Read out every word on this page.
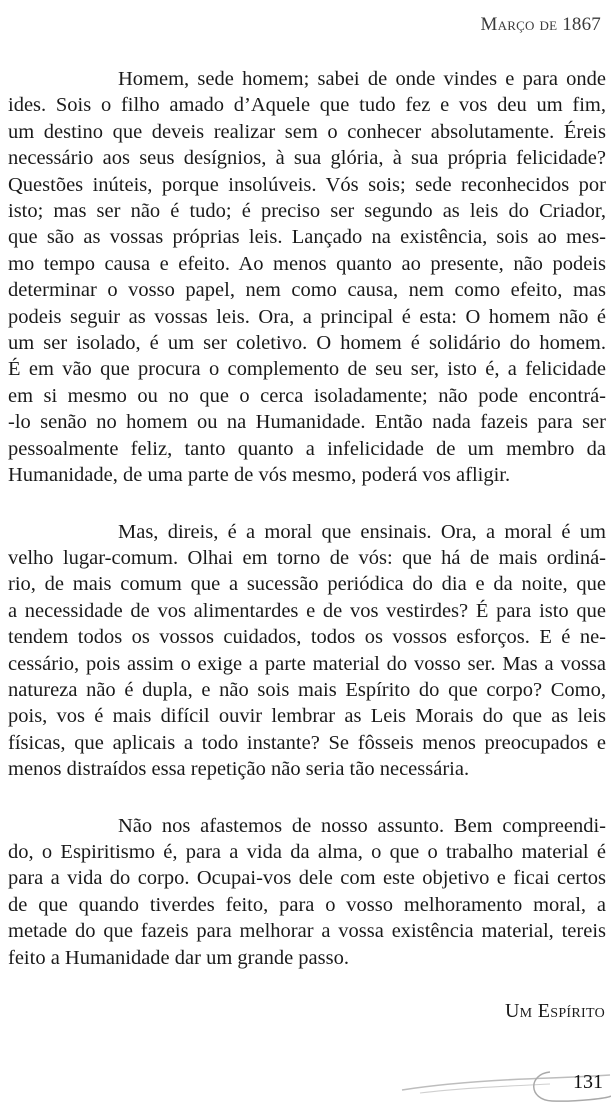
Março de 1867

Homem, sede homem; sabei de onde vindes e para onde
ides. Sois o filho amado d’Aquele que tudo fez e vos deu um fim,
um destino que deveis realizar sem o conhecer absolutamente. Éreis
necessário aos seus desígnios, à sua glória, à sua própria felicidade?
Questões inúteis, porque insolúveis. Vós sois; sede reconhecidos por
isto; mas ser não é tudo; é preciso ser segundo as leis do Criador,
que são as vossas próprias leis. Lançado na existência, sois ao mes-
mo tempo causa e efeito. Ao menos quanto ao presente, não podeis
determinar o vosso papel, nem como causa, nem como efeito, mas
podeis seguir as vossas leis. Ora, a principal é esta: O homem não é
um ser isolado, é um ser coletivo. O homem é solidário do homem.
É em vão que procura o complemento de seu ser, isto é, a felicidade
em si mesmo ou no que o cerca isoladamente; não pode encontrá-
-lo senão no homem ou na Humanidade. Então nada fazeis para ser
pessoalmente feliz, tanto quanto a infelicidade de um membro da
Humanidade, de uma parte de vós mesmo, poderá vos afligir.

Mas, direis, é a moral que ensinais. Ora, a moral é um
velho lugar-comum. Olhai em torno de vós: que há de mais ordiná-
rio, de mais comum que a sucessão periódica do dia e da noite, que
a necessidade de vos alimentardes e de vos vestirdes? É para isto que
tendem todos os vossos cuidados, todos os vossos esforços. E é ne-
cessário, pois assim o exige a parte material do vosso ser. Mas a vossa
natureza não é dupla, e não sois mais Espírito do que corpo? Como,
pois, vos é mais difícil ouvir lembrar as Leis Morais do que as leis
físicas, que aplicais a todo instante? Se fôsseis menos preocupados e
menos distraídos essa repetição não seria tão necessária.

Não nos afastemos de nosso assunto. Bem compreendi-
do, o Espiritismo é, para a vida da alma, o que o trabalho material é
para a vida do corpo. Ocupai-vos dele com este objetivo e ficai certos
de que quando tiverdes feito, para o vosso melhoramento moral, a
metade do que fazeis para melhorar a vossa existência material, tereis
feito a Humanidade dar um grande passo.

Um Espírito
131
